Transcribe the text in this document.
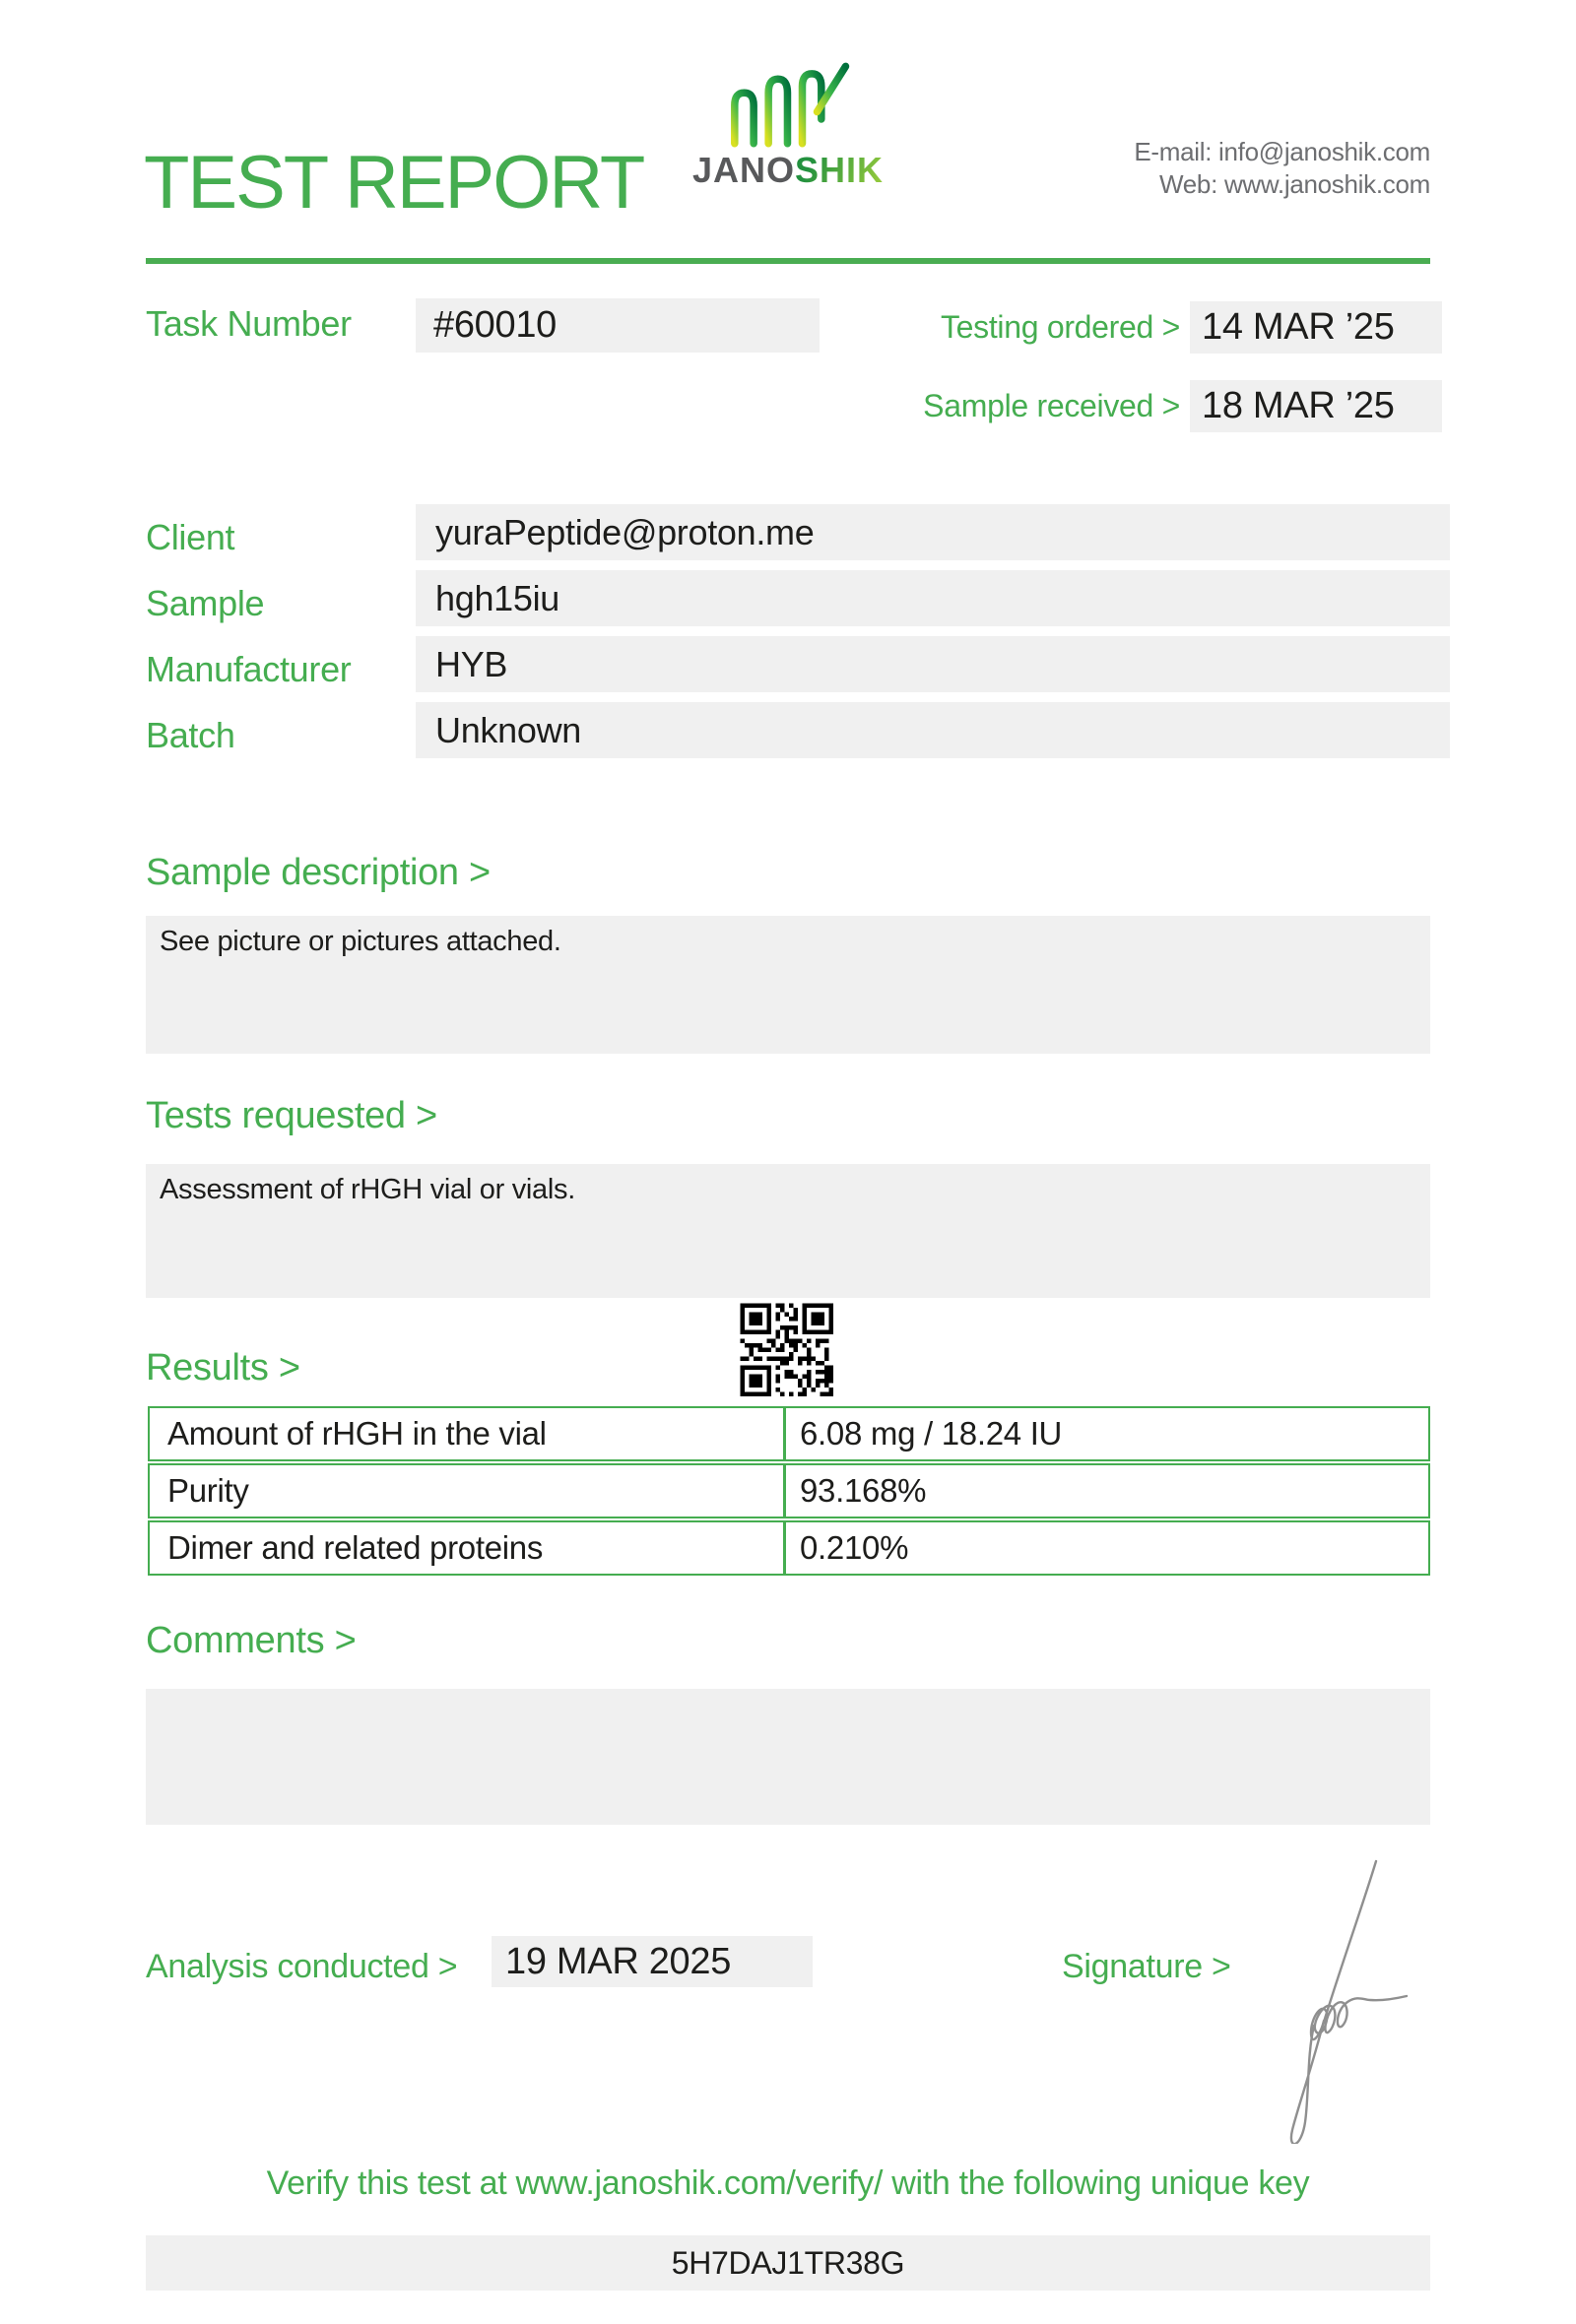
TEST REPORT	JANOSHIK	E-mail: info@janoshik.com
Web: www.janoshik.com
Task Number	#60010	Testing ordered > 14 MAR ’25
Sample received > 18 MAR ’25
Client	yuraPeptide@proton.me
Sample	hgh15iu
Manufacturer	HYB
Batch	Unknown
Sample description >
See picture or pictures attached.
Tests requested >
Assessment of rHGH vial or vials.
Results >
Amount of rHGH in the vial	6.08 mg / 18.24 IU
Purity	93.168%
Dimer and related proteins	0.210%
Comments >
Analysis conducted >	19 MAR 2025	Signature >
Verify this test at www.janoshik.com/verify/ with the following unique key
5H7DAJ1TR38G
